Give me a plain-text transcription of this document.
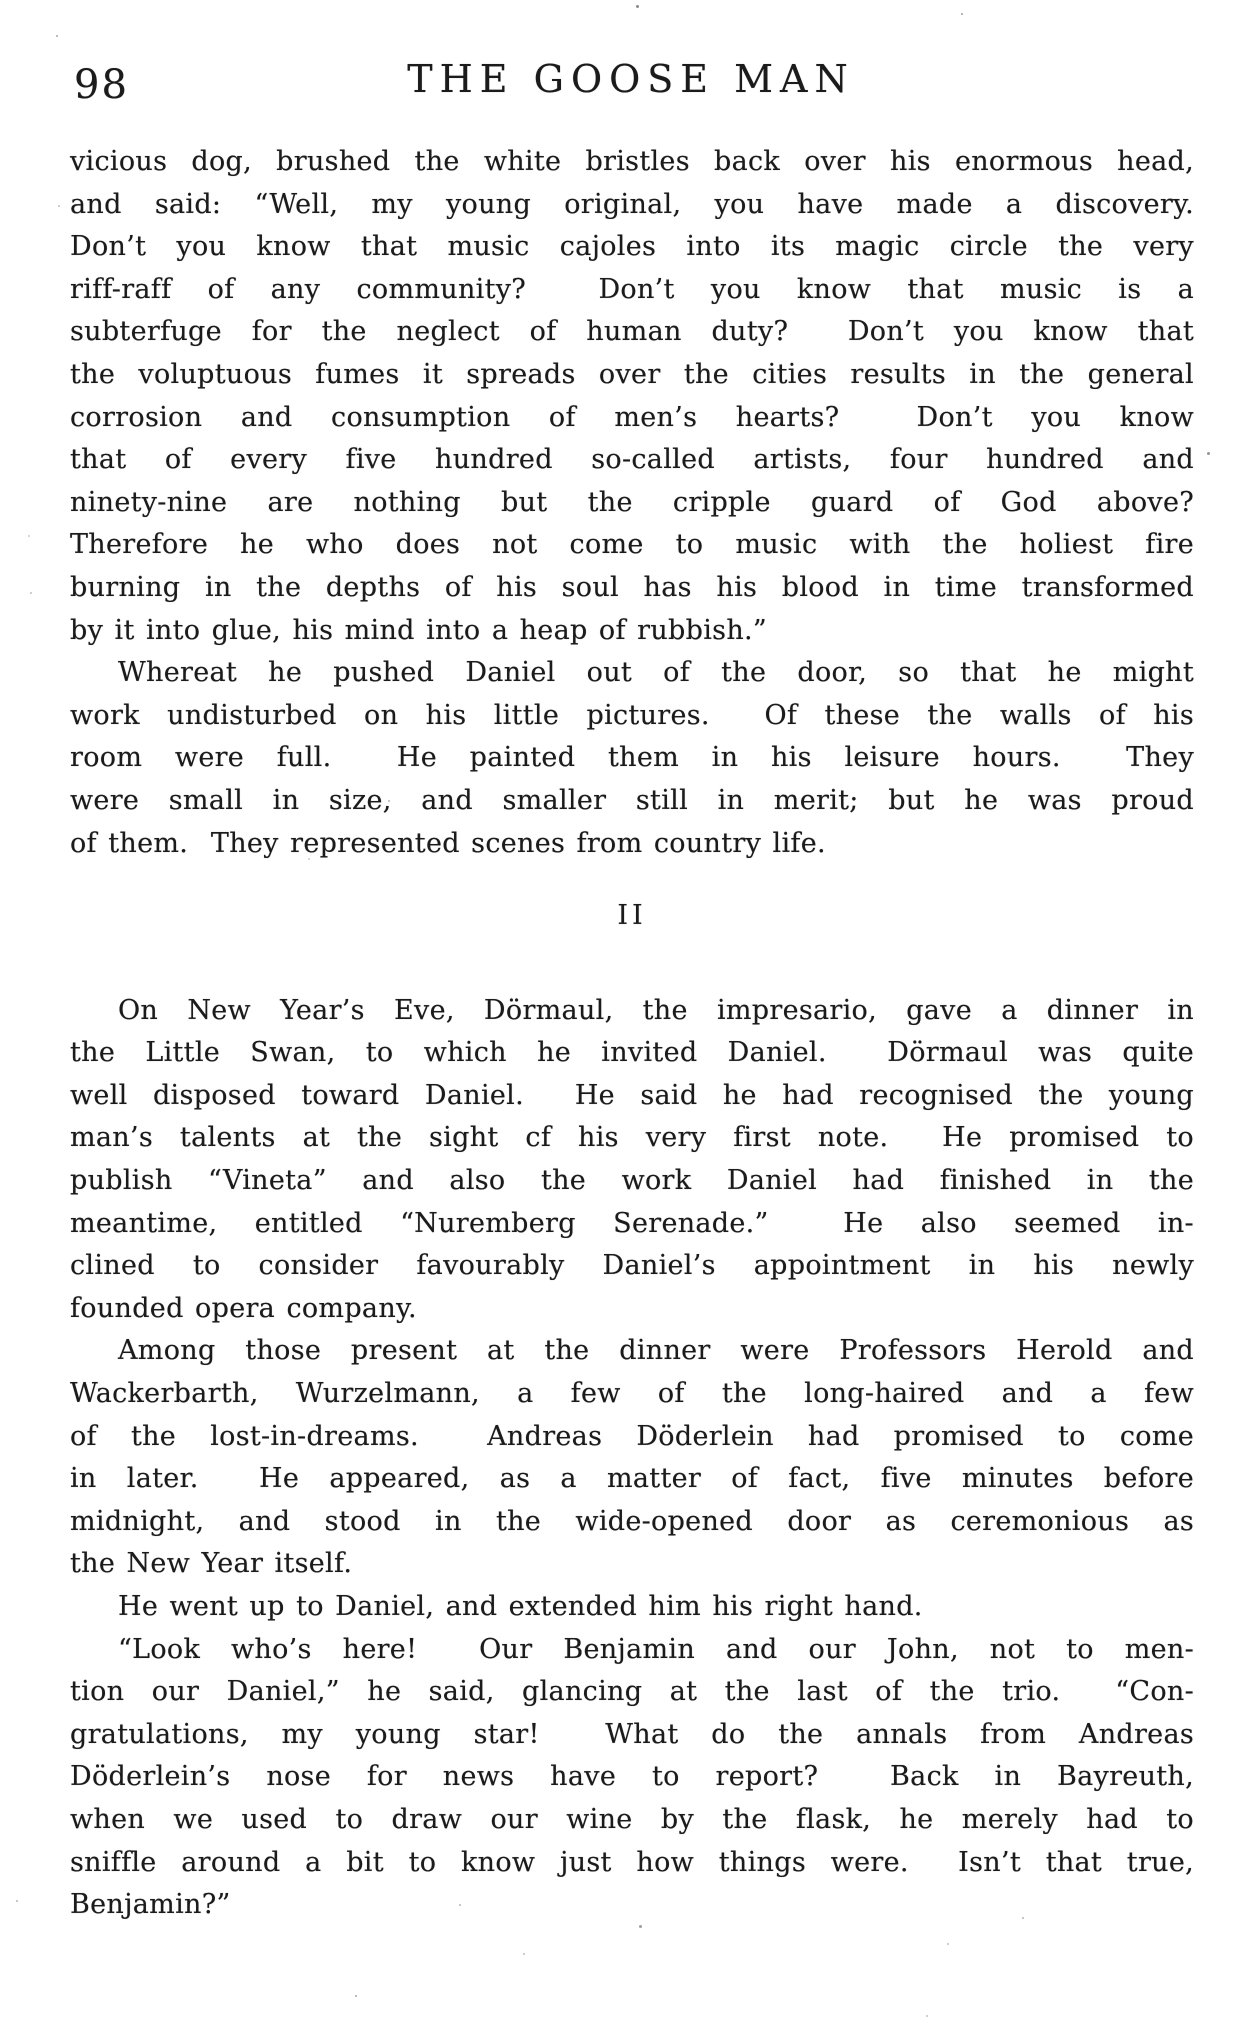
98	THE GOOSE MAN
vicious dog, brushed the white bristles back over his enormous head,
and said: “Well, my young original, you have made a discovery.
Don’t you know that music cajoles into its magic circle the very
riff-raff of any community?  Don’t you know that music is a
subterfuge for the neglect of human duty?  Don’t you know that
the voluptuous fumes it spreads over the cities results in the general
corrosion and consumption of men’s hearts?  Don’t you know
that of every five hundred so-called artists, four hundred and
ninety-nine are nothing but the cripple guard of God above?
Therefore he who does not come to music with the holiest fire
burning in the depths of his soul has his blood in time transformed
by it into glue, his mind into a heap of rubbish.”
Whereat he pushed Daniel out of the door, so that he might
work undisturbed on his little pictures.  Of these the walls of his
room were full.  He painted them in his leisure hours.  They
were small in size, and smaller still in merit; but he was proud
of them.  They represented scenes from country life.
II
On New Year’s Eve, Dörmaul, the impresario, gave a dinner in
the Little Swan, to which he invited Daniel.  Dörmaul was quite
well disposed toward Daniel.  He said he had recognised the young
man’s talents at the sight cf his very first note.  He promised to
publish “Vineta” and also the work Daniel had finished in the
meantime, entitled “Nuremberg Serenade.”  He also seemed in-
clined to consider favourably Daniel’s appointment in his newly
founded opera company.
Among those present at the dinner were Professors Herold and
Wackerbarth, Wurzelmann, a few of the long-haired and a few
of the lost-in-dreams.  Andreas Döderlein had promised to come
in later.  He appeared, as a matter of fact, five minutes before
midnight, and stood in the wide-opened door as ceremonious as
the New Year itself.
He went up to Daniel, and extended him his right hand.
“Look who’s here!  Our Benjamin and our John, not to men-
tion our Daniel,” he said, glancing at the last of the trio.  “Con-
gratulations, my young star!  What do the annals from Andreas
Döderlein’s nose for news have to report?  Back in Bayreuth,
when we used to draw our wine by the flask, he merely had to
sniffle around a bit to know just how things were.  Isn’t that true,
Benjamin?”
